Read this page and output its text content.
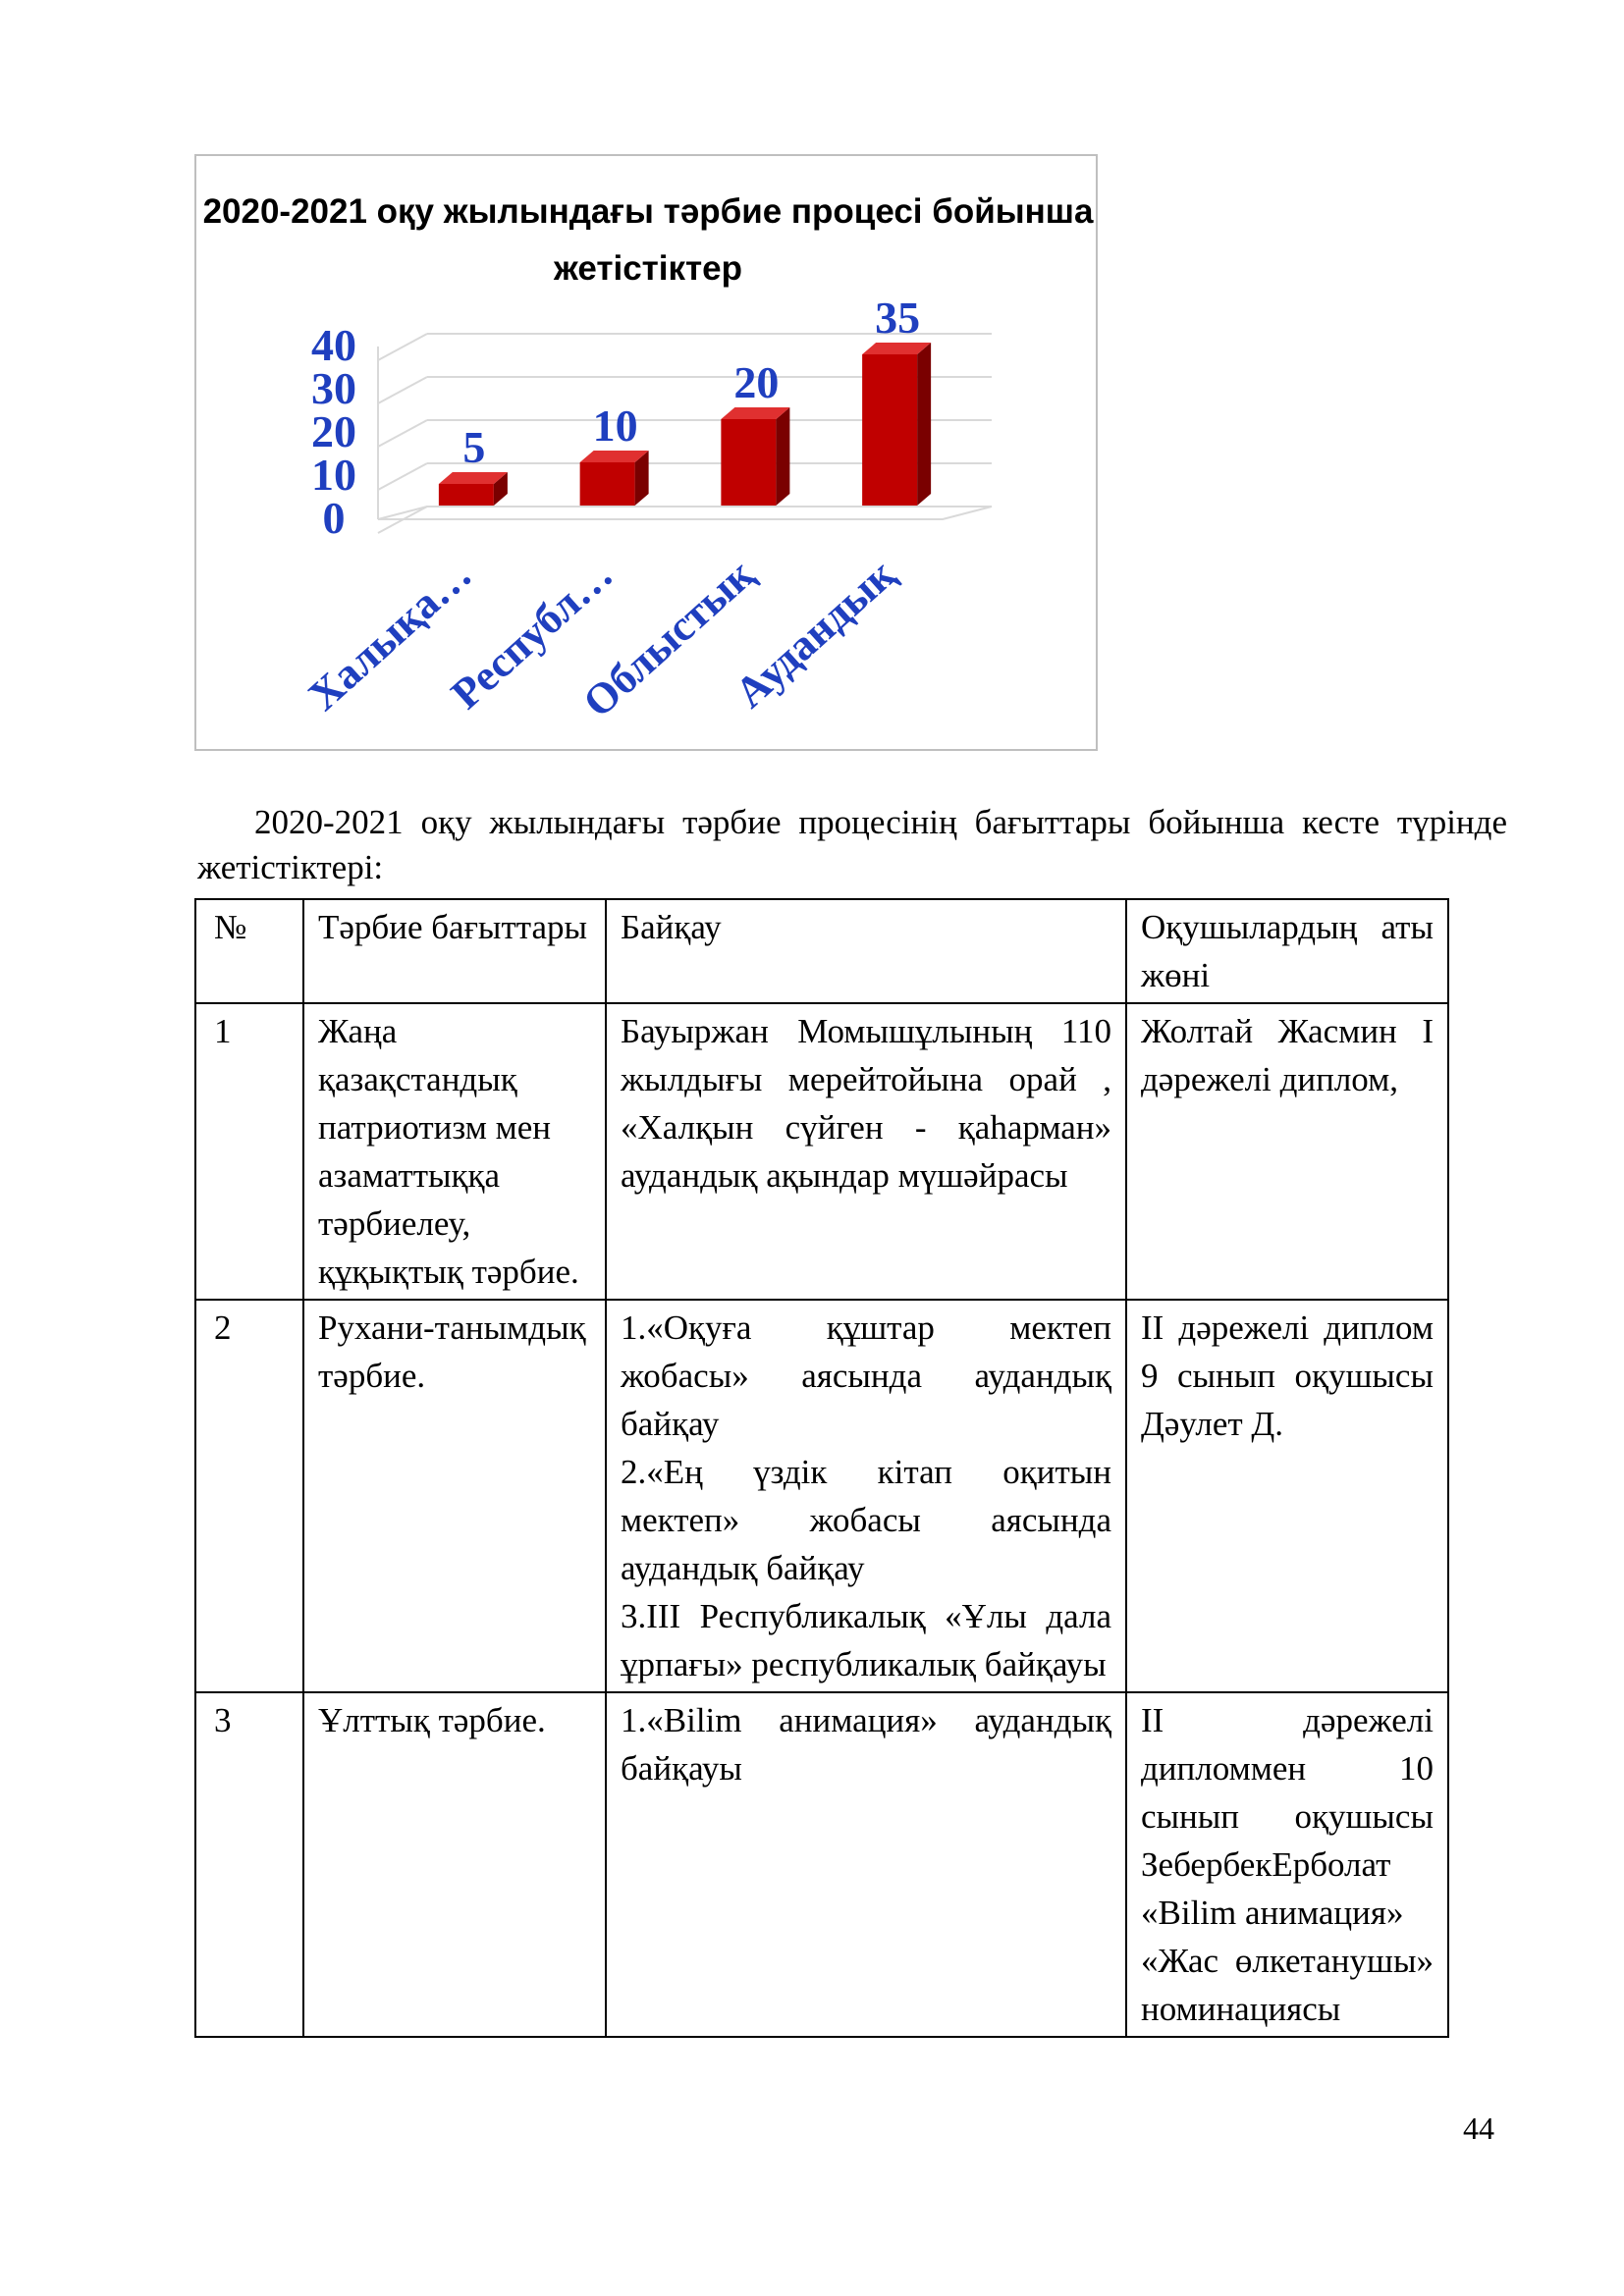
2020-2021 оқу жылындағы тәрбие процесі бойынша жетістіктер
0
10
20
30
40
5
Халықа…
10
Республ…
20
Облыстық
35
Аудандық

2020-2021 оқу жылындағы тәрбие процесінің бағыттары бойынша кесте түрінде жетістіктері:

№	Тәрбие бағыттары	Байқау	Оқушылардың аты жөні
1	Жаңа қазақстандық патриотизм мен азаматтыққа тәрбиелеу, құқықтық тәрбие.	Бауыржан Момышұлының 110 жылдығы мерейтойына орай , «Халқын сүйген - қаһарман» аудандық ақындар мүшәйрасы	Жолтай Жасмин І дәрежелі диплом,

2	Рухани-танымдық тәрбие.	1.«Оқуға құштар мектеп жобасы» аясында аудандық байқау
2.«Ең үздік кітап оқитын мектеп» жобасы аясында аудандық байқау
3.ІІІ Республикалық «Ұлы дала ұрпағы» республикалық байқауы	ІІ дәрежелі диплом 9 сынып оқушысы Дәулет Д.

3	Ұлттық тәрбие.	1.«Bilim анимация» аудандық байқауы	ІІ дәрежелі дипломмен 10 сынып оқушысы ЗебербекЕрболат
«Bilim анимация»
«Жас өлкетанушы» номинациясы

44
